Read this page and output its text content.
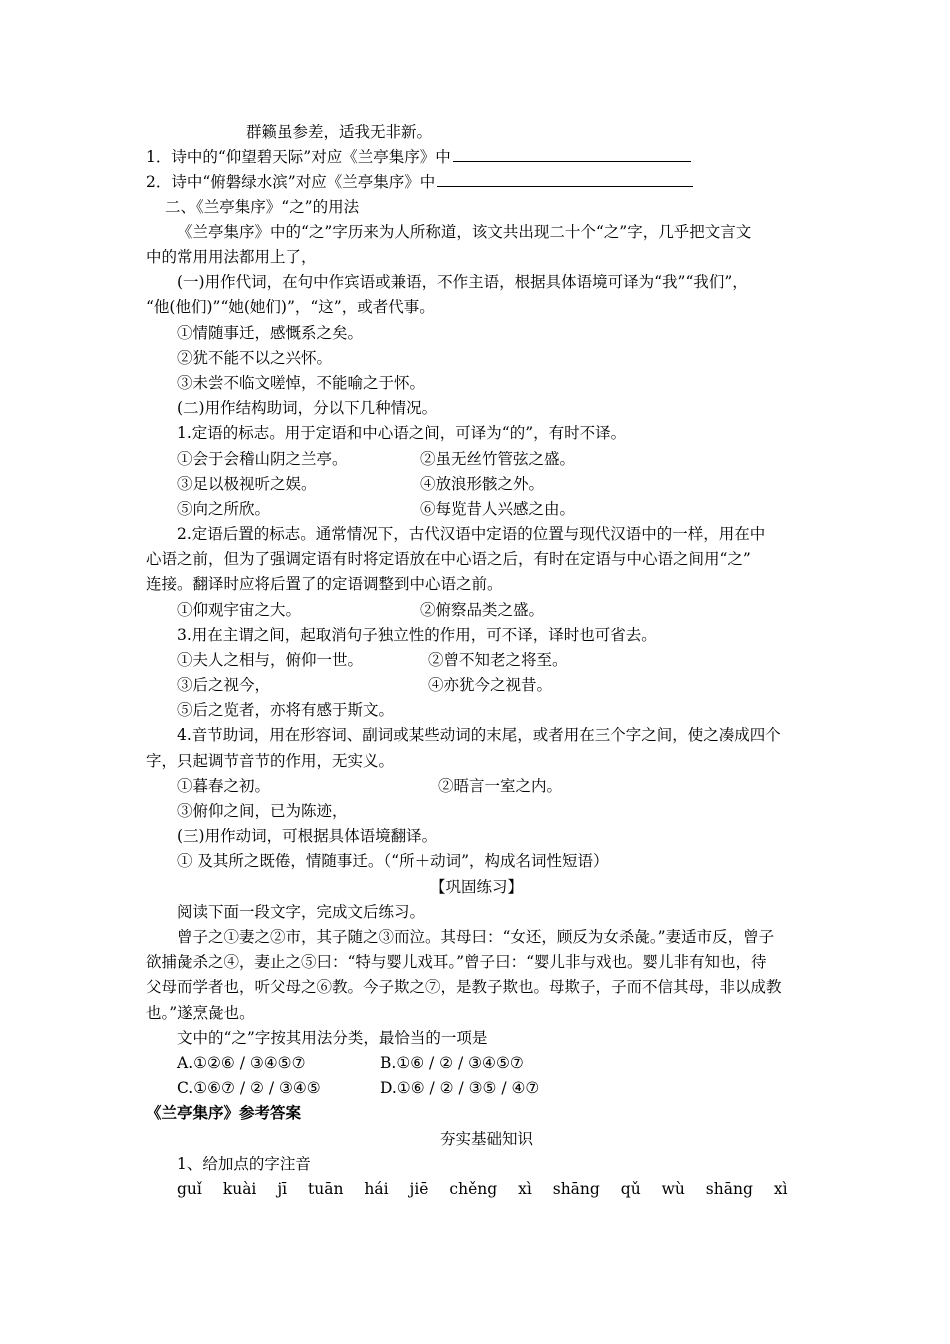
群籁虽参差，适我无非新。
1．诗中的“仰望碧天际”对应《兰亭集序》中
2．诗中“俯磐绿水滨”对应《兰亭集序》中
二、《兰亭集序》“之”的用法
《兰亭集序》中的“之”字历来为人所称道，该文共出现二十个“之”字，几乎把文言文
中的常用用法都用上了，
(一)用作代词，在句中作宾语或兼语，不作主语，根据具体语境可译为“我”“我们”，
“他(他们)”“她(她们)”，“这”，或者代事。
①情随事迁，感慨系之矣。
②犹不能不以之兴怀。
③未尝不临文嗟悼，不能喻之于怀。
(二)用作结构助词，分以下几种情况。
1.定语的标志。用于定语和中心语之间，可译为“的”，有时不译。
①会于会稽山阴之兰亭。	②虽无丝竹管弦之盛。
③足以极视听之娱。	④放浪形骸之外。
⑤向之所欣。	⑥每览昔人兴感之由。
2.定语后置的标志。通常情况下，古代汉语中定语的位置与现代汉语中的一样，用在中
心语之前，但为了强调定语有时将定语放在中心语之后，有时在定语与中心语之间用“之”
连接。翻译时应将后置了的定语调整到中心语之前。
①仰观宇宙之大。	②俯察品类之盛。
3.用在主谓之间，起取消句子独立性的作用，可不译，译时也可省去。
①夫人之相与，俯仰一世。	②曾不知老之将至。
③后之视今，	④亦犹今之视昔。
⑤后之览者，亦将有感于斯文。
4.音节助词，用在形容词、副词或某些动词的末尾，或者用在三个字之间，使之凑成四个
字，只起调节音节的作用，无实义。
①暮春之初。	②晤言一室之内。
③俯仰之间，已为陈迹，
(三)用作动词，可根据具体语境翻译。
① 及其所之既倦，情随事迁。（“所＋动词”，构成名词性短语）
【巩固练习】
阅读下面一段文字，完成文后练习。
曾子之①妻之②市，其子随之③而泣。其母曰：“女还，顾反为女杀彘。”妻适市反，曾子
欲捕彘杀之④，妻止之⑤曰：“特与婴儿戏耳。”曾子曰：“婴儿非与戏也。婴儿非有知也，待
父母而学者也，听父母之⑥教。今子欺之⑦，是教子欺也。母欺子，子而不信其母，非以成教
也。”遂烹彘也。
文中的“之”字按其用法分类，最恰当的一项是
A.①②⑥ / ③④⑤⑦	B.①⑥ / ② / ③④⑤⑦
C.①⑥⑦ / ② / ③④⑤	D.①⑥ / ② / ③⑤ / ④⑦
《兰亭集序》参考答案
夯实基础知识
1、给加点的字注音
guǐ kuài jī tuān hái jiē chěng xì shāng qǔ wù shāng xì
